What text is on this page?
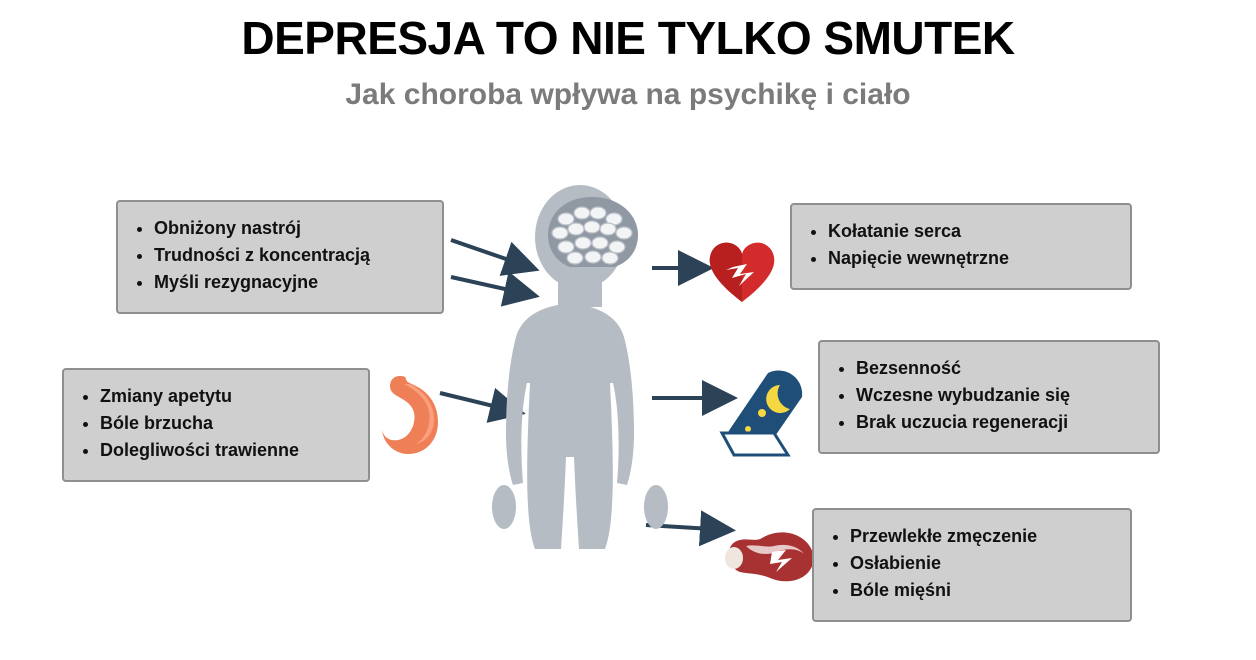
DEPRESJA TO NIE TYLKO SMUTEK
Jak choroba wpływa na psychikę i ciało
• Obniżony nastrój
• Trudności z koncentracją
• Myśli rezygnacyjne
• Kołatanie serca
• Napięcie wewnętrzne
• Zmiany apetytu
• Bóle brzucha
• Dolegliwości trawienne
• Bezsenność
• Wczesne wybudzanie się
• Brak uczucia regeneracji
• Przewlekłe zmęczenie
• Osłabienie
• Bóle mięśni
